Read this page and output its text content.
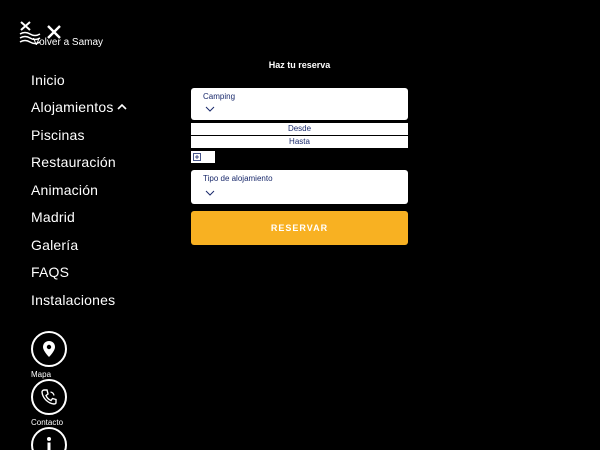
Volver a Samay
Inicio
Alojamientos
Piscinas
Restauración
Animación
Madrid
Galería
FAQS
Instalaciones
Mapa
Contacto
Haz tu reserva
Camping
Desde
Hasta
Tipo de alojamiento
RESERVAR
